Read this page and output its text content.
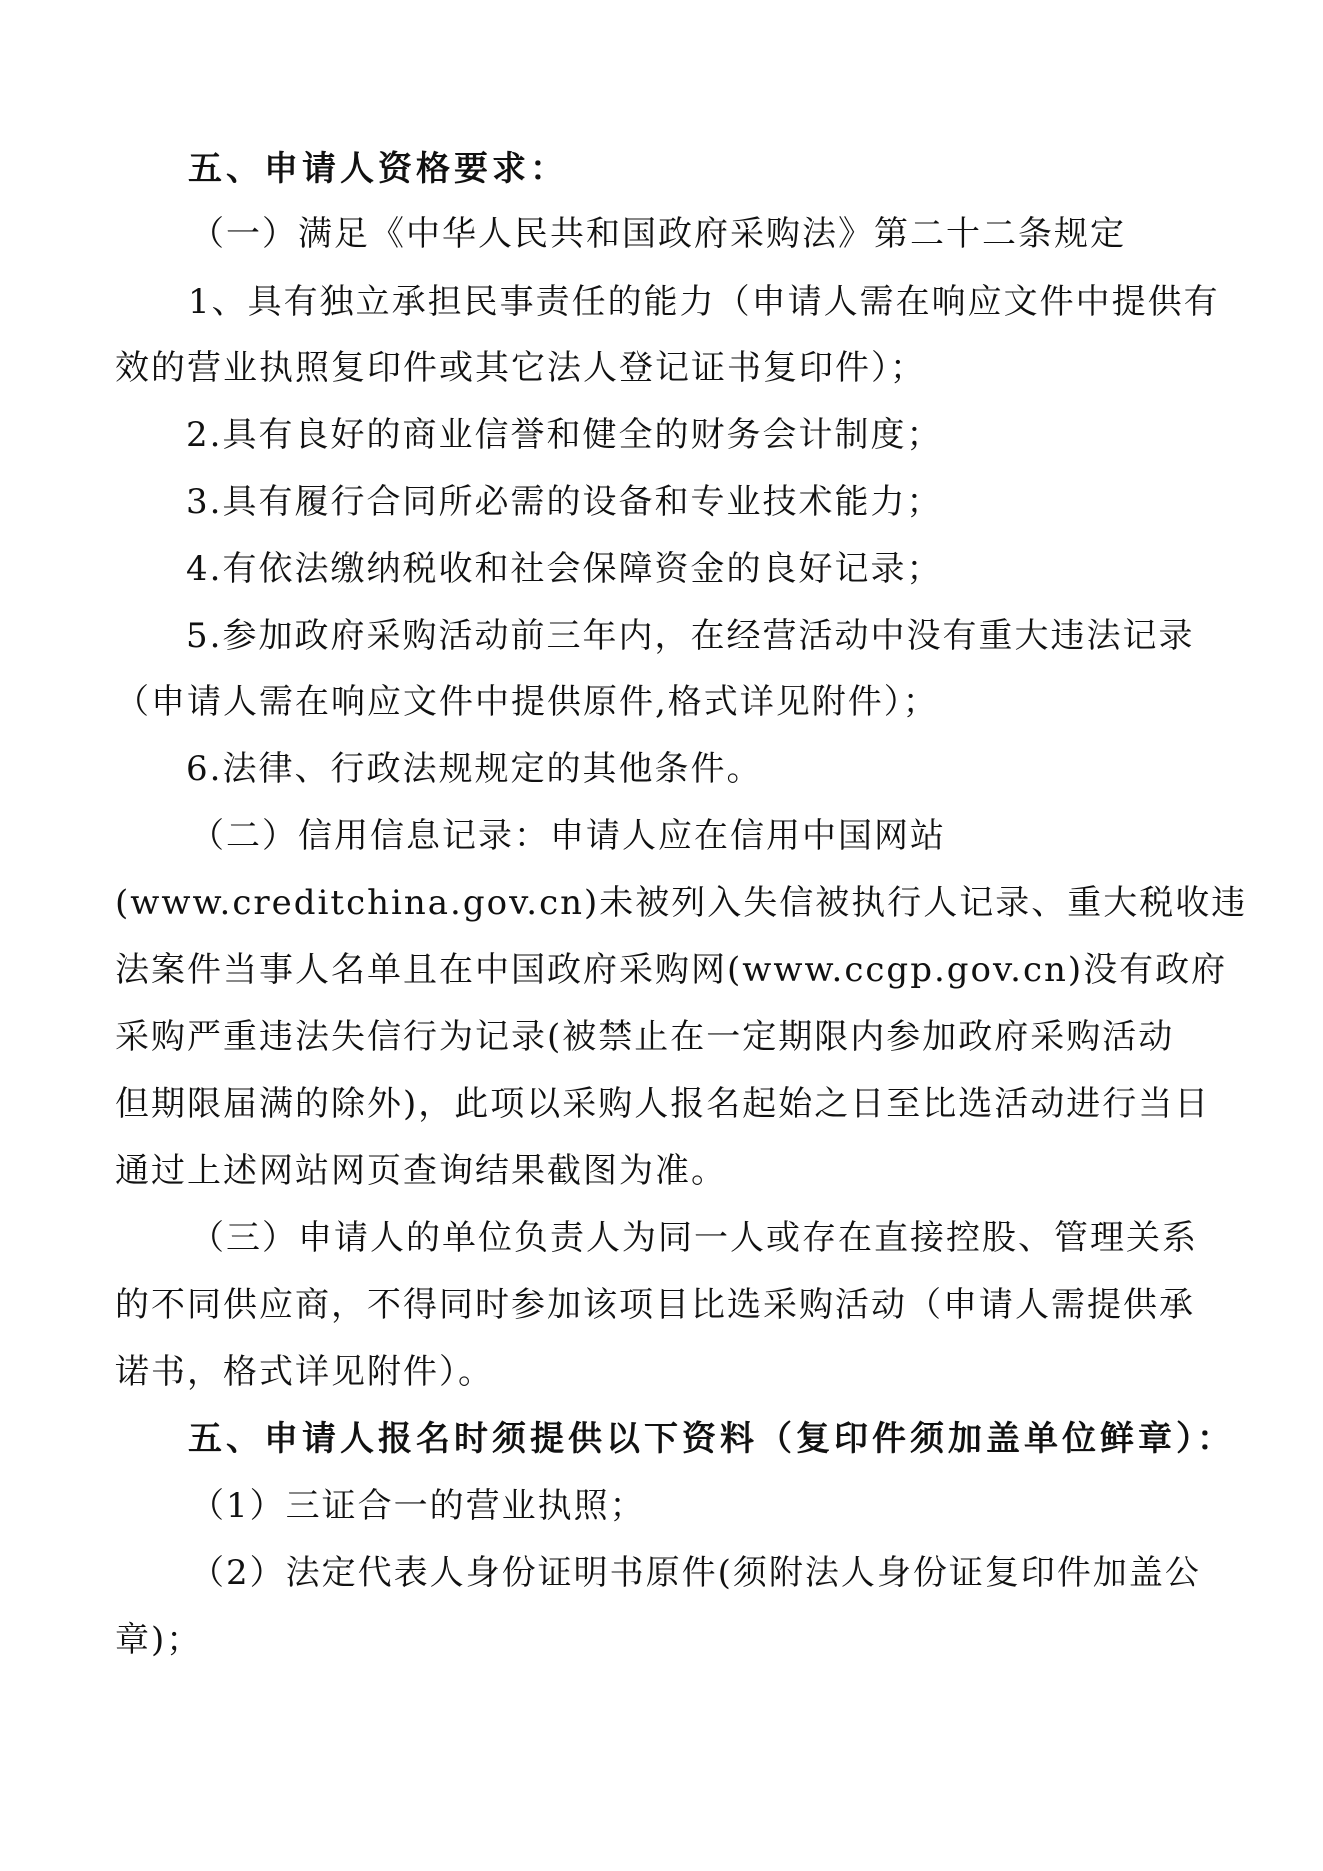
五、申请人资格要求：
（一）满足《中华人民共和国政府采购法》第二十二条规定
1、具有独立承担民事责任的能力（申请人需在响应文件中提供有
效的营业执照复印件或其它法人登记证书复印件）；
2.具有良好的商业信誉和健全的财务会计制度；
3.具有履行合同所必需的设备和专业技术能力；
4.有依法缴纳税收和社会保障资金的良好记录；
5.参加政府采购活动前三年内，在经营活动中没有重大违法记录
（申请人需在响应文件中提供原件,格式详见附件）；
6.法律、行政法规规定的其他条件。
（二）信用信息记录：申请人应在信用中国网站
(www.creditchina.gov.cn)未被列入失信被执行人记录、重大税收违
法案件当事人名单且在中国政府采购网(www.ccgp.gov.cn)没有政府
采购严重违法失信行为记录(被禁止在一定期限内参加政府采购活动
但期限届满的除外)，此项以采购人报名起始之日至比选活动进行当日
通过上述网站网页查询结果截图为准。
（三）申请人的单位负责人为同一人或存在直接控股、管理关系
的不同供应商，不得同时参加该项目比选采购活动（申请人需提供承
诺书，格式详见附件）。
五、申请人报名时须提供以下资料（复印件须加盖单位鲜章）：
（1）三证合一的营业执照；
（2）法定代表人身份证明书原件(须附法人身份证复印件加盖公
章)；
